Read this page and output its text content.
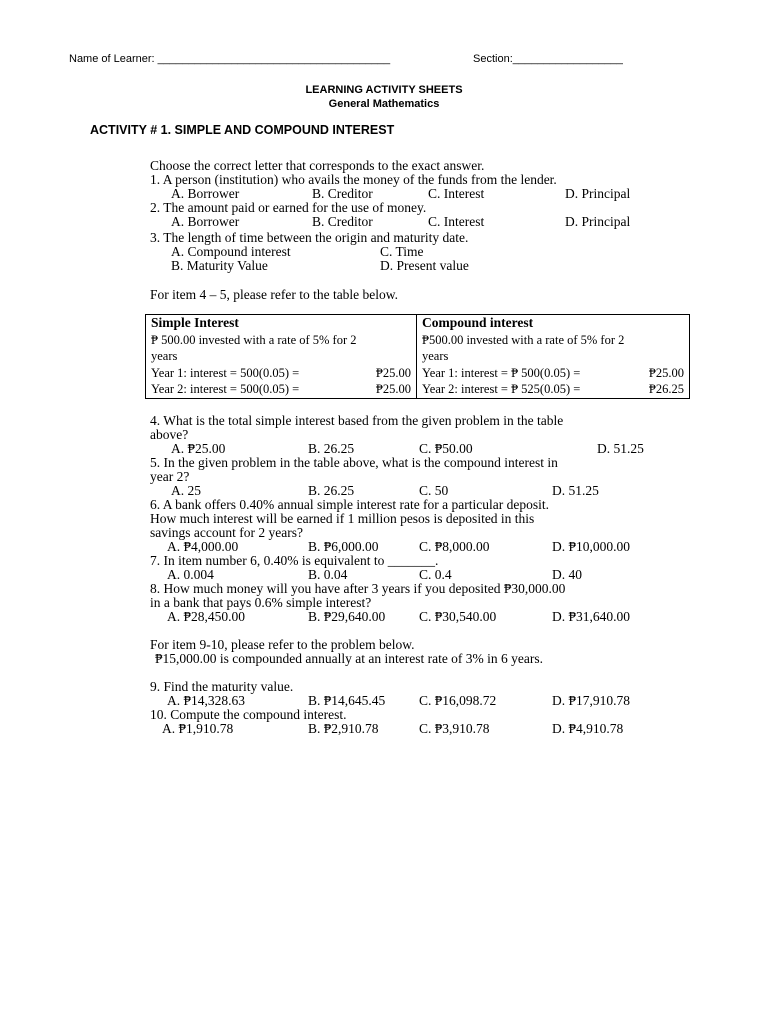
Name of Learner: ______________________________________	Section:__________________
LEARNING ACTIVITY SHEETS
General Mathematics
ACTIVITY # 1. SIMPLE AND COMPOUND INTEREST
Choose the correct letter that corresponds to the exact answer.
1. A person (institution) who avails the money of the funds from the lender.
A. Borrower	B. Creditor	C. Interest	D. Principal
2. The amount paid or earned for the use of money.
A. Borrower	B. Creditor	C. Interest	D. Principal
3. The length of time between the origin and maturity date.
A. Compound interest	C. Time
B. Maturity Value	D. Present value
For item 4 – 5, please refer to the table below.
Simple Interest
₱ 500.00 invested with a rate of 5% for 2
years
Year 1: interest = 500(0.05) =	₱25.00
Year 2: interest = 500(0.05) =	₱25.00

Compound interest
₱500.00 invested with a rate of 5% for 2
years
Year 1: interest = ₱ 500(0.05) =	₱25.00
Year 2: interest = ₱ 525(0.05) =	₱26.25
4. What is the total simple interest based from the given problem in the table
above?
A. ₱25.00	B. 26.25	C. ₱50.00	D. 51.25
5. In the given problem in the table above, what is the compound interest in
year 2?
A. 25	B. 26.25	C. 50	D. 51.25
6. A bank offers 0.40% annual simple interest rate for a particular deposit.
How much interest will be earned if 1 million pesos is deposited in this
savings account for 2 years?
A. ₱4,000.00	B. ₱6,000.00	C. ₱8,000.00	D. ₱10,000.00
7. In item number 6, 0.40% is equivalent to _______.
A. 0.004	B. 0.04	C. 0.4	D. 40
8. How much money will you have after 3 years if you deposited ₱30,000.00
in a bank that pays 0.6% simple interest?
A. ₱28,450.00	B. ₱29,640.00 C. ₱30,540.00	D. ₱31,640.00
For item 9-10, please refer to the problem below.
₱15,000.00 is compounded annually at an interest rate of 3% in 6 years.
9. Find the maturity value.
A. ₱14,328.63	B. ₱14,645.45 C. ₱16,098.72	D. ₱17,910.78
10. Compute the compound interest.
A. ₱1,910.78	B. ₱2,910.78	C. ₱3,910.78	D. ₱4,910.78
